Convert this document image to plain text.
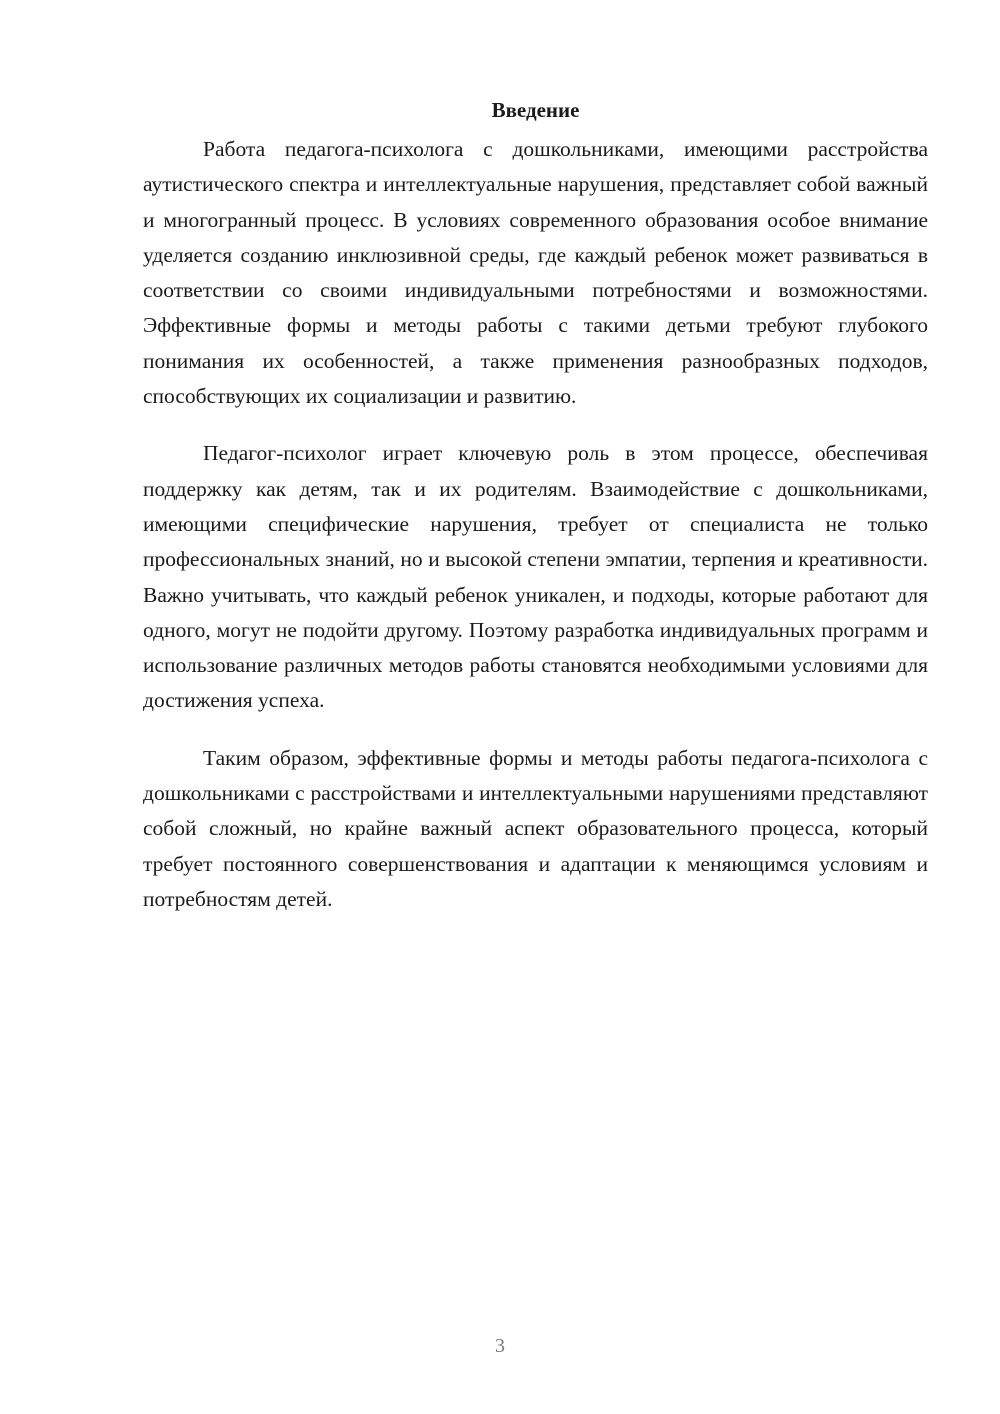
Введение

Работа педагога-психолога с дошкольниками, имеющими расстройства аутистического спектра и интеллектуальные нарушения, представляет собой важный и многогранный процесс. В условиях современного образования особое внимание уделяется созданию инклюзивной среды, где каждый ребенок может развиваться в соответствии со своими индивидуальными потребностями и возможностями. Эффективные формы и методы работы с такими детьми требуют глубокого понимания их особенностей, а также применения разнообразных подходов, способствующих их социализации и развитию.

Педагог-психолог играет ключевую роль в этом процессе, обеспечивая поддержку как детям, так и их родителям. Взаимодействие с дошкольниками, имеющими специфические нарушения, требует от специалиста не только профессиональных знаний, но и высокой степени эмпатии, терпения и креативности. Важно учитывать, что каждый ребенок уникален, и подходы, которые работают для одного, могут не подойти другому. Поэтому разработка индивидуальных программ и использование различных методов работы становятся необходимыми условиями для достижения успеха.

Таким образом, эффективные формы и методы работы педагога-психолога с дошкольниками с расстройствами и интеллектуальными нарушениями представляют собой сложный, но крайне важный аспект образовательного процесса, который требует постоянного совершенствования и адаптации к меняющимся условиям и потребностям детей.

3
